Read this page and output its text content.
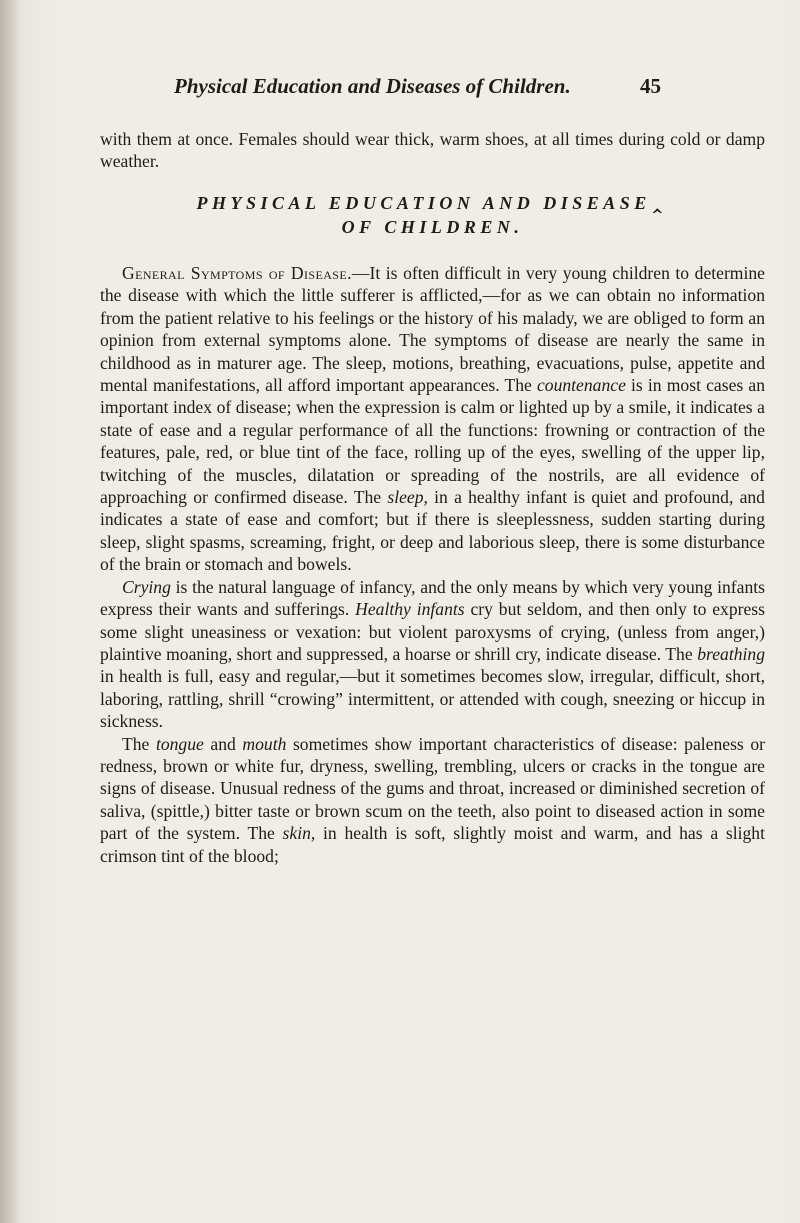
Physical Education and Diseases of Children.	45

with them at once. Females should wear thick, warm shoes, at all times during cold or damp weather.

PHYSICAL EDUCATION AND DISEASE‸
OF CHILDREN.

General Symptoms of Disease.—It is often difficult in very young children to determine the disease with which the little sufferer is afflicted,—for as we can obtain no information from the patient relative to his feelings or the history of his malady, we are obliged to form an opinion from external symptoms alone. The symptoms of disease are nearly the same in childhood as in maturer age. The sleep, motions, breathing, evacuations, pulse, appetite and mental manifestations, all afford important appearances. The countenance is in most cases an important index of disease; when the expression is calm or lighted up by a smile, it indicates a state of ease and a regular performance of all the functions: frowning or contraction of the features, pale, red, or blue tint of the face, rolling up of the eyes, swelling of the upper lip, twitching of the muscles, dilatation or spreading of the nostrils, are all evidence of approaching or confirmed disease. The sleep, in a healthy infant is quiet and profound, and indicates a state of ease and comfort; but if there is sleeplessness, sudden starting during sleep, slight spasms, screaming, fright, or deep and laborious sleep, there is some disturbance of the brain or stomach and bowels.

Crying is the natural language of infancy, and the only means by which very young infants express their wants and sufferings. Healthy infants cry but seldom, and then only to express some slight uneasiness or vexation: but violent paroxysms of crying, (unless from anger,) plaintive moaning, short and suppressed, a hoarse or shrill cry, indicate disease. The breathing in health is full, easy and regular,—but it sometimes becomes slow, irregular, difficult, short, laboring, rattling, shrill “crowing” intermittent, or attended with cough, sneezing or hiccup in sickness.

The tongue and mouth sometimes show important characteristics of disease: paleness or redness, brown or white fur, dryness, swelling, trembling, ulcers or cracks in the tongue are signs of disease. Unusual redness of the gums and throat, increased or diminished secretion of saliva, (spittle,) bitter taste or brown scum on the teeth, also point to diseased action in some part of the system. The skin, in health is soft, slightly moist and warm, and has a slight crimson tint of the blood;
